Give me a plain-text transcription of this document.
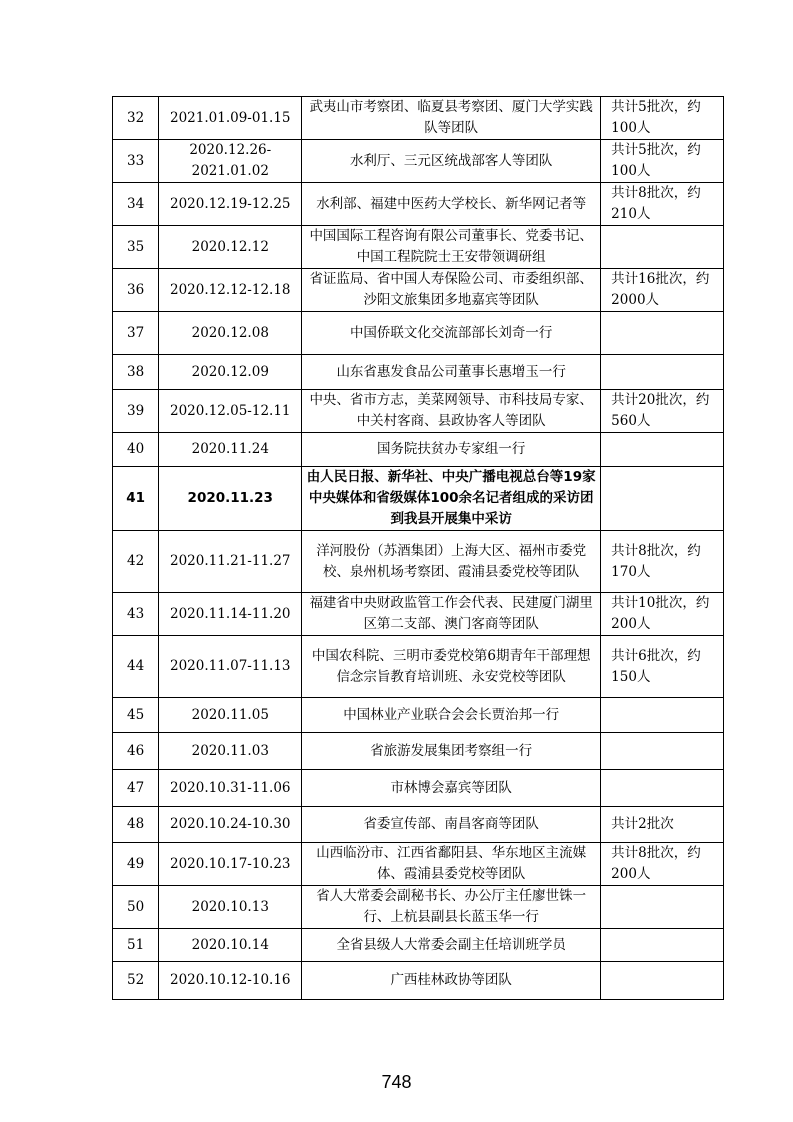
32	2021.01.09-01.15	武夷山市考察团、临夏县考察团、厦门大学实践队等团队	共计5批次，约100人
33	2020.12.26-2021.01.02	水利厅、三元区统战部客人等团队	共计5批次，约100人
34	2020.12.19-12.25	水利部、福建中医药大学校长、新华网记者等	共计8批次，约210人
35	2020.12.12	中国国际工程咨询有限公司董事长、党委书记、中国工程院院士王安带领调研组	
36	2020.12.12-12.18	省证监局、省中国人寿保险公司、市委组织部、沙阳文旅集团多地嘉宾等团队	共计16批次，约2000人
37	2020.12.08	中国侨联文化交流部部长刘奇一行	
38	2020.12.09	山东省惠发食品公司董事长惠增玉一行	
39	2020.12.05-12.11	中央、省市方志，美菜网领导、市科技局专家、中关村客商、县政协客人等团队	共计20批次，约560人
40	2020.11.24	国务院扶贫办专家组一行	
41	2020.11.23	由人民日报、新华社、中央广播电视总台等19家中央媒体和省级媒体100余名记者组成的采访团到我县开展集中采访	
42	2020.11.21-11.27	洋河股份（苏酒集团）上海大区、福州市委党校、泉州机场考察团、霞浦县委党校等团队	共计8批次，约170人
43	2020.11.14-11.20	福建省中央财政监管工作会代表、民建厦门湖里区第二支部、澳门客商等团队	共计10批次，约200人
44	2020.11.07-11.13	中国农科院、三明市委党校第6期青年干部理想信念宗旨教育培训班、永安党校等团队	共计6批次，约150人
45	2020.11.05	中国林业产业联合会会长贾治邦一行	
46	2020.11.03	省旅游发展集团考察组一行	
47	2020.10.31-11.06	市林博会嘉宾等团队	
48	2020.10.24-10.30	省委宣传部、南昌客商等团队	共计2批次
49	2020.10.17-10.23	山西临汾市、江西省鄱阳县、华东地区主流媒体、霞浦县委党校等团队	共计8批次，约200人
50	2020.10.13	省人大常委会副秘书长、办公厅主任廖世铢一行、上杭县副县长蓝玉华一行	
51	2020.10.14	全省县级人大常委会副主任培训班学员	
52	2020.10.12-10.16	广西桂林政协等团队	
748
